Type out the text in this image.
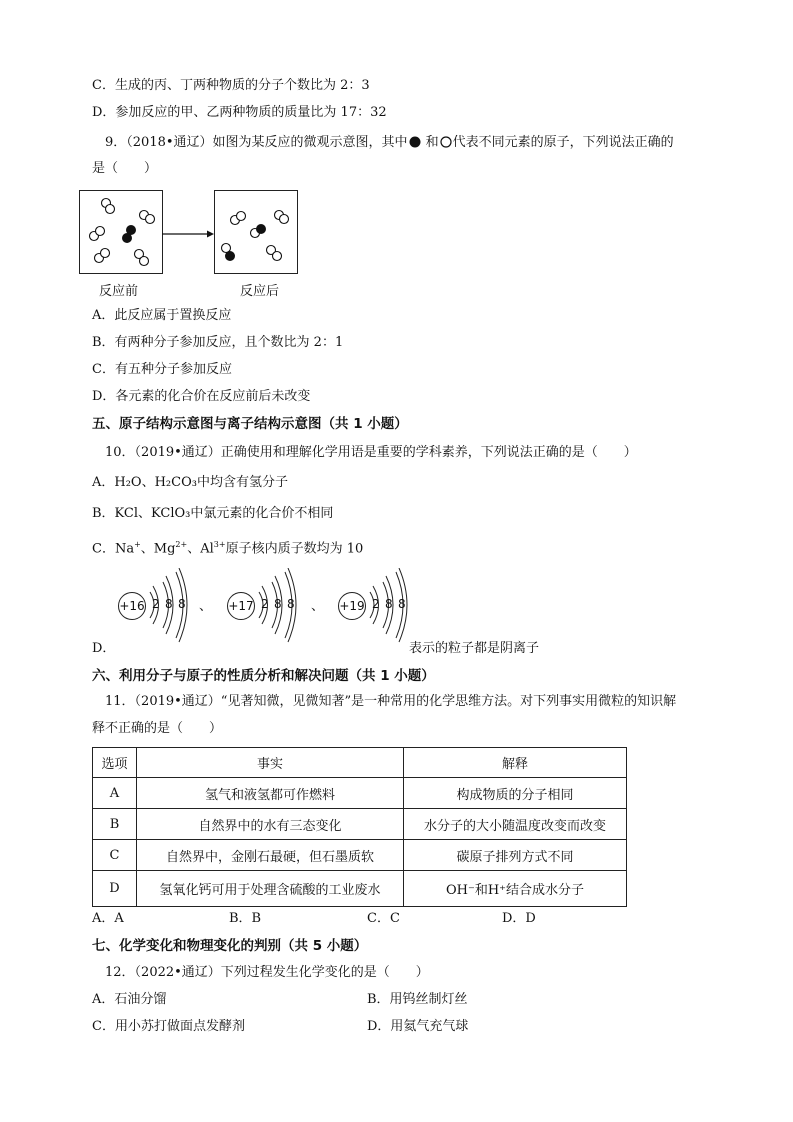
C．生成的丙、丁两种物质的分子个数比为 2：3
D．参加反应的甲、乙两种物质的质量比为 17：32
9．（2018•通辽）如图为某反应的微观示意图，其中 和 代表不同元素的原子，下列说法正确的
是（　　）
反应前	反应后
A．此反应属于置换反应
B．有两种分子参加反应，且个数比为 2：1
C．有五种分子参加反应
D．各元素的化合价在反应前后未改变
五、原子结构示意图与离子结构示意图（共 1 小题）
10．（2019•通辽）正确使用和理解化学用语是重要的学科素养，下列说法正确的是（　　）
A．H₂O、H₂CO₃中均含有氢分子
B．KCl、KClO₃中氯元素的化合价不相同
C．Na+、$Mg^{2+}$、$Al^{3+}$原子核内质子数均为 10
+16 2 8 8 、 +17 2 8 8 、 +19 2 8 8
D．	表示的粒子都是阴离子
六、利用分子与原子的性质分析和解决问题（共 1 小题）
11．（2019•通辽）“见著知微，见微知著”是一种常用的化学思维方法。对下列事实用微粒的知识解
释不正确的是（　　）
选项	事实	解释
A	氢气和液氢都可作燃料	构成物质的分子相同
B	自然界中的水有三态变化	水分子的大小随温度改变而改变
C	自然界中，金刚石最硬，但石墨质软	碳原子排列方式不同
D	氢氧化钙可用于处理含硫酸的工业废水	OH⁻和H⁺结合成水分子
A．A	B．B	C．C	D．D
七、化学变化和物理变化的判别（共 5 小题）
12．（2022•通辽）下列过程发生化学变化的是（　　）
A．石油分馏	B．用钨丝制灯丝
C．用小苏打做面点发酵剂	D．用氦气充气球
